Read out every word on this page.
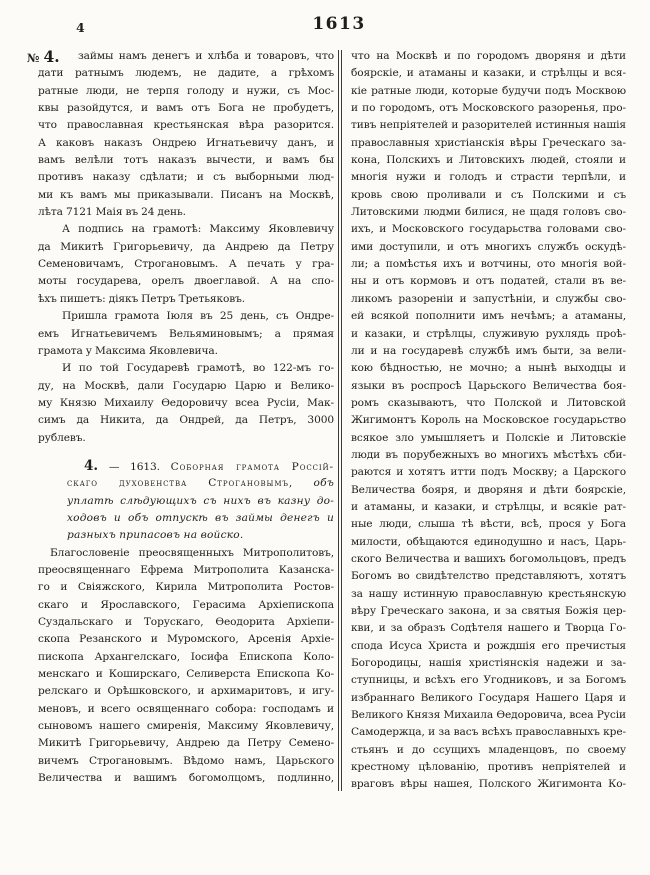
4	1613
№ 4.	займы намъ денегъ и хлѣба и товаровъ, что
дати ратнымъ людемъ, не дадите, а грѣхомъ
ратные люди, не терпя голоду и нужи, съ Мос-
квы разойдутся, и вамъ отъ Бога не пробудетъ,
что православная крестьянская вѣра разорится.
А каковъ наказъ Ондрею Игнатьевичу данъ, и
вамъ велѣли тотъ наказъ вычести, и вамъ бы
противъ наказу сдѣлати; и съ выборными люд-
ми къ вамъ мы приказывали. Писанъ на Москвѣ,
лѣта 7121 Маія въ 24 день.
А подпись на грамотѣ: Максиму Яковлевичу
да Микитѣ Григорьевичу, да Андрею да Петру
Семеновичамъ, Строгановымъ. А печать у гра-
моты государева, орелъ двоеглавой. А на спо-
ѣхъ пишетъ: діякъ Петръ Третьяковъ.
Пришла грамота Іюля въ 25 день, съ Ондре-
емъ Игнатьевичемъ Вельяминовымъ; а прямая
грамота у Максима Яковлевича.
И по той Государевѣ грамотѣ, во 122-мъ го-
ду, на Москвѣ, дали Государю Царю и Велико-
му Князю Михаилу Ѳедоровичу всеа Русіи, Мак-
симъ да Никита, да Ондрей, да Петръ, 3000
рублевъ.
4. — 1613. Соборная грамота Россій-
скаго духовенства Строгановымъ, объ
уплатѣ слѣдующихъ съ нихъ въ казну до-
ходовъ и объ отпускѣ въ займы денегъ и
разныхъ припасовъ на войско.
Благословеніе преосвященныхъ Митрополитовъ,
преосвященнаго Ефрема Митрополита Казанска-
го и Свіяжского, Кирила Митрополита Ростов-
скаго и Ярославского, Герасима Архіепископа
Суздальскаго и Торускаго, Ѳеодорита Архіепи-
скопа Резанского и Муромского, Арсенія Архіе-
пископа Архангелскаго, Іосифа Епископа Коло-
менскаго и Коширскаго, Селиверста Епископа Ко-
релскаго и Орѣшковского, и архимаритовъ, и игу-
меновъ, и всего освященнаго собора: господамъ и
сыновомъ нашего смиренія, Максиму Яковлевичу,
Микитѣ Григорьевичу, Андрею да Петру Семено-
вичемъ Строгановымъ. Вѣдомо намъ, Царьского
Величества и вашимъ богомолцомъ, подлинно,
что на Москвѣ и по городомъ дворяня и дѣти
боярскіе, и атаманы и казаки, и стрѣлцы и вся-
кіе ратные люди, которые будучи подъ Москвою
и по городомъ, отъ Московского разоренья, про-
тивъ непріятелей и разорителей истинныя нашія
православныя христіанскія вѣры Греческаго за-
кона, Полскихъ и Литовскихъ людей, стояли и
многія нужи и голодъ и страсти терпѣли, и
кровь свою проливали и съ Полскими и съ
Литовскими людми билися, не щадя головъ сво-
ихъ, и Московского государьства головами сво-
ими доступили, и отъ многихъ службъ оскудѣ-
ли; а помѣстья ихъ и вотчины, ото многія вой-
ны и отъ кормовъ и отъ податей, стали въ ве-
ликомъ разореніи и запустѣніи, и службы сво-
ей всякой пополнити имъ нечѣмъ; а атаманы,
и казаки, и стрѣлцы, служивую рухлядь проѣ-
ли и на государевѣ службѣ имъ быти, за вели-
кою бѣдностью, не мочно; а нынѣ выходцы и
языки въ роспросѣ Царьского Величества боя-
ромъ сказываютъ, что Полской и Литовской
Жигимонтъ Король на Московское государьство
всякое зло умышляетъ и Полскіе и Литовскіе
люди въ порубежныхъ во многихъ мѣстѣхъ сби-
раются и хотятъ итти подъ Москву; а Царского
Величества бояря, и дворяня и дѣти боярскіе,
и атаманы, и казаки, и стрѣлцы, и всякіе рат-
ные люди, слыша тѣ вѣсти, всѣ, прося у Бога
милости, обѣщаются единодушно и насъ, Царь-
ского Величества и вашихъ богомольцовъ, предъ
Богомъ во свидѣтелство представляютъ, хотятъ
за нашу истинную православную крестьянскую
вѣру Греческаго закона, и за святыя Божія цер-
кви, и за образъ Содѣтеля нашего и Творца Го-
спода Исуса Христа и рождшія его пречистыя
Богородицы, нашія христіянскія надежи и за-
ступницы, и всѣхъ его Угодниковъ, и за Богомъ
избраннаго Великого Государя Нашего Царя и
Великого Князя Михаила Ѳедоровича, всеа Русіи
Самодержца, и за васъ всѣхъ православныхъ кре-
стьянъ и до ссущихъ младенцовъ, по своему
крестному цѣлованію, противъ непріятелей и
враговъ вѣры нашея, Полского Жигимонта Ко-
